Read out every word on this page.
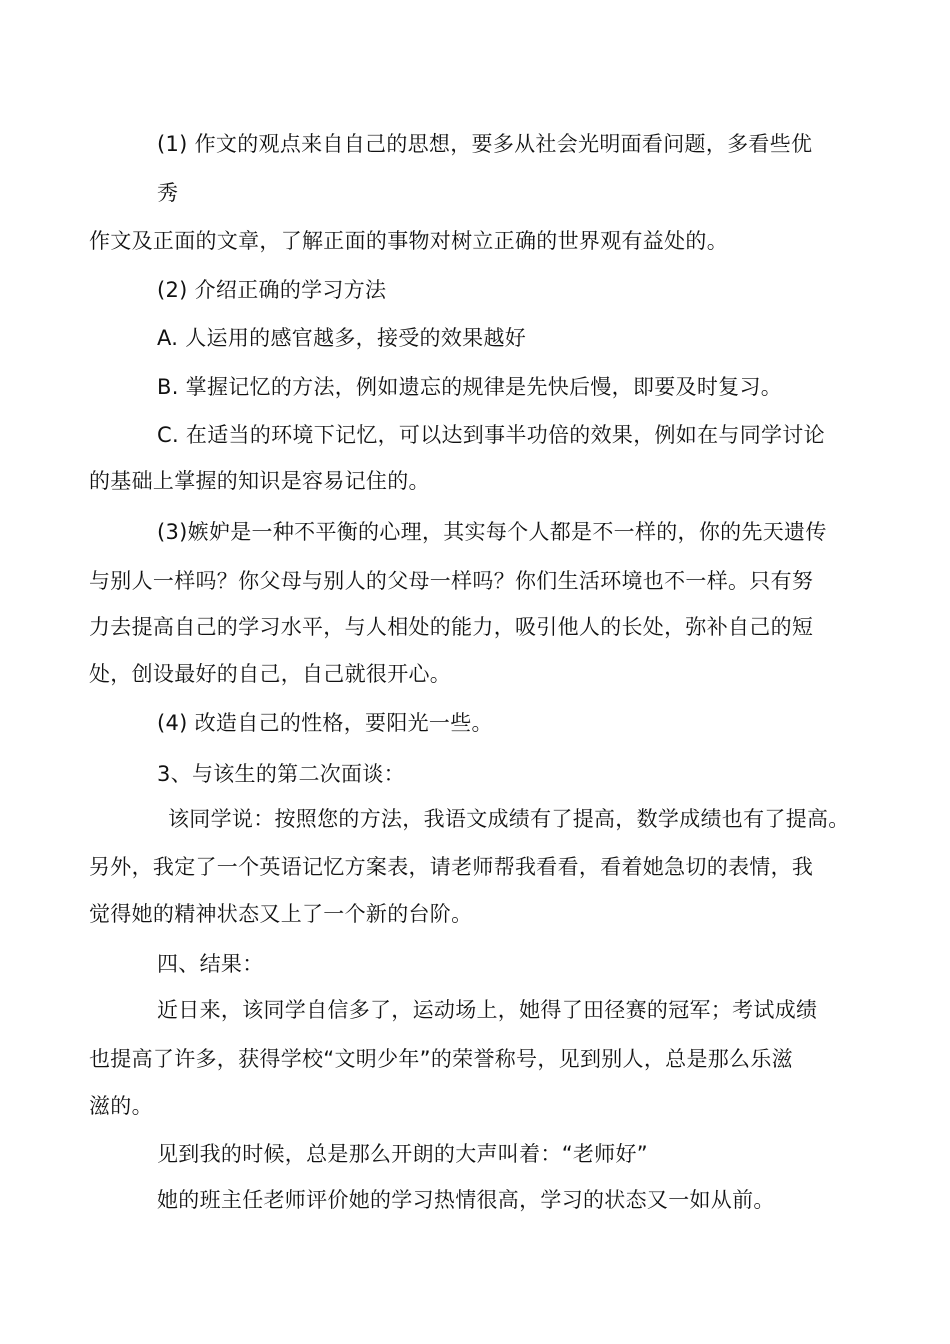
(1) 作文的观点来自自己的思想，要多从社会光明面看问题，多看些优
秀
作文及正面的文章，了解正面的事物对树立正确的世界观有益处的。
(2) 介绍正确的学习方法
A. 人运用的感官越多，接受的效果越好
B. 掌握记忆的方法，例如遗忘的规律是先快后慢，即要及时复习。
C. 在适当的环境下记忆，可以达到事半功倍的效果，例如在与同学讨论
的基础上掌握的知识是容易记住的。
(3)嫉妒是一种不平衡的心理，其实每个人都是不一样的，你的先天遗传
与别人一样吗？你父母与别人的父母一样吗？你们生活环境也不一样。只有努
力去提高自己的学习水平，与人相处的能力，吸引他人的长处，弥补自己的短
处，创设最好的自己，自己就很开心。
(4) 改造自己的性格，要阳光一些。
3、与该生的第二次面谈：
该同学说：按照您的方法，我语文成绩有了提高，数学成绩也有了提高。
另外，我定了一个英语记忆方案表，请老师帮我看看，看着她急切的表情，我
觉得她的精神状态又上了一个新的台阶。
四、结果：
近日来，该同学自信多了，运动场上，她得了田径赛的冠军；考试成绩
也提高了许多，获得学校“文明少年”的荣誉称号，见到别人，总是那么乐滋
滋的。
见到我的时候，总是那么开朗的大声叫着：“老师好”
她的班主任老师评价她的学习热情很高，学习的状态又一如从前。
